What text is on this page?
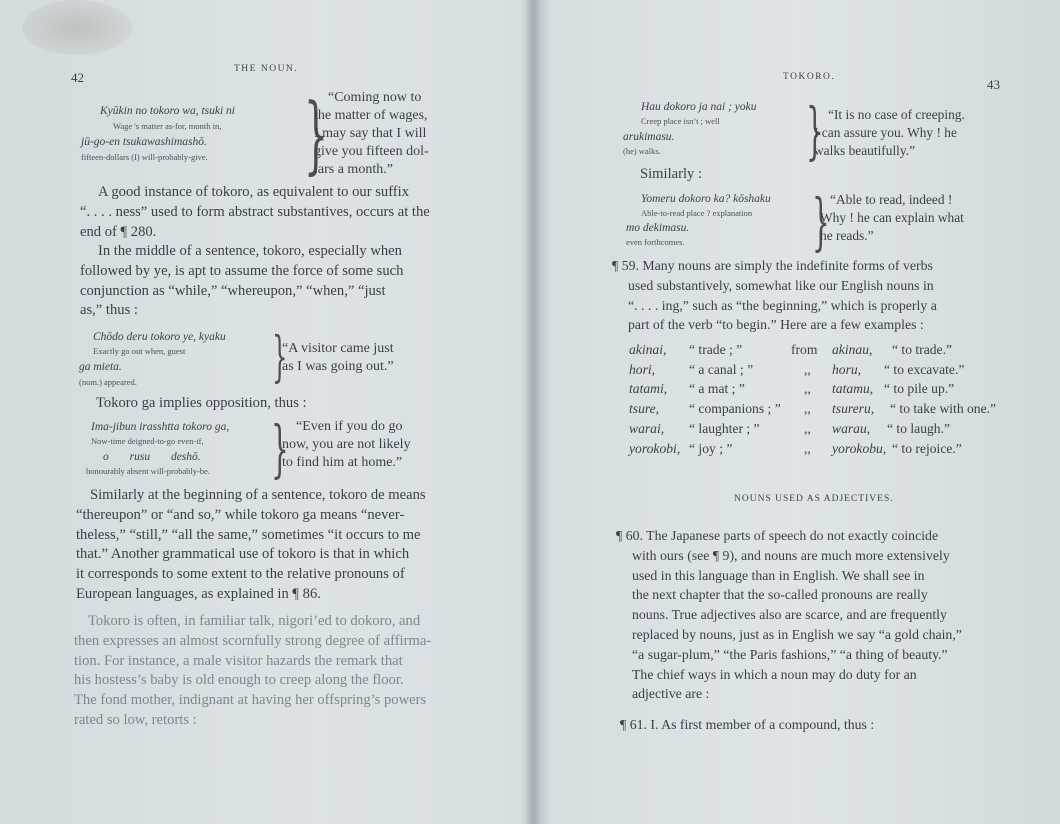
42
THE NOUN.
Kyūkin no tokoro wa, tsuki ni
Wage 's matter as-for, month in,
jū-go-en tsukawashimashō.
fifteen-dollars (I) will-probably-give. } “Coming now to
the matter of wages,
I may say that I will
give you fifteen dol-
lars a month.”
A good instance of tokoro, as equivalent to our suffix
“. . . . ness” used to form abstract substantives, occurs at the
end of ¶ 280.
In the middle of a sentence, tokoro, especially when
followed by ye, is apt to assume the force of some such
conjunction as “while,” “whereupon,” “when,” “just
as,” thus :
Chōdo deru tokoro ye, kyaku
Exactly go out when, guest
ga mieta.
(nom.) appeared.	}
“A visitor came just
as I was going out.”
Tokoro ga implies opposition, thus :
Ima-jibun irasshtta tokoro ga,
Now-time deigned-to-go even-if,
o rusu deshō.
honourably absent will-probably-be. } “Even if you do go
now, you are not likely
to find him at home.”
Similarly at the beginning of a sentence, tokoro de means
“thereupon” or “and so,” while tokoro ga means “never-
theless,” “still,” “all the same,” sometimes “it occurs to me
that.” Another grammatical use of tokoro is that in which
it corresponds to some extent to the relative pronouns of
European languages, as explained in ¶ 86.
Tokoro is often, in familiar talk, nigori’ed to dokoro, and
then expresses an almost scornfully strong degree of affirma-
tion. For instance, a male visitor hazards the remark that
his hostess’s baby is old enough to creep along the floor.
The fond mother, indignant at having her offspring’s powers
rated so low, retorts :
TOKORO.	43
Hau dokoro ja nai ; yoku
Creep place isn’t ; well
arukimasu.
(he) walks. } “It is no case of creeping.
I can assure you. Why ! he
walks beautifully.”
Similarly :
Yomeru dokoro ka? kōshaku
Able-to-read place ? explanation
mo dekimasu.
even forthcomes. } “Able to read, indeed !
Why ! he can explain what
he reads.”
¶ 59. Many nouns are simply the indefinite forms of verbs
used substantively, somewhat like our English nouns in
“. . . . ing,” such as “the beginning,” which is properly a
part of the verb “to begin.” Here are a few examples :
akinai, “ trade ; ”	from akinau, “ to trade.”
hori, “ a canal ; ”	,, horu, “ to excavate.”
tatami, “ a mat ; ”	,, tatamu, “ to pile up.”
tsure, “ companions ; ” ,, tsureru, “ to take with one.”
warai, “ laughter ; ”	,, warau, “ to laugh.”
yorokobi, “ joy ; ”	,, yorokobu, “ to rejoice.”
NOUNS USED AS ADJECTIVES.
¶ 60. The Japanese parts of speech do not exactly coincide
with ours (see ¶ 9), and nouns are much more extensively
used in this language than in English. We shall see in
the next chapter that the so-called pronouns are really
nouns. True adjectives also are scarce, and are frequently
replaced by nouns, just as in English we say “a gold chain,”
“a sugar-plum,” “the Paris fashions,” “a thing of beauty.”
The chief ways in which a noun may do duty for an
adjective are :
¶ 61. I. As first member of a compound, thus :
